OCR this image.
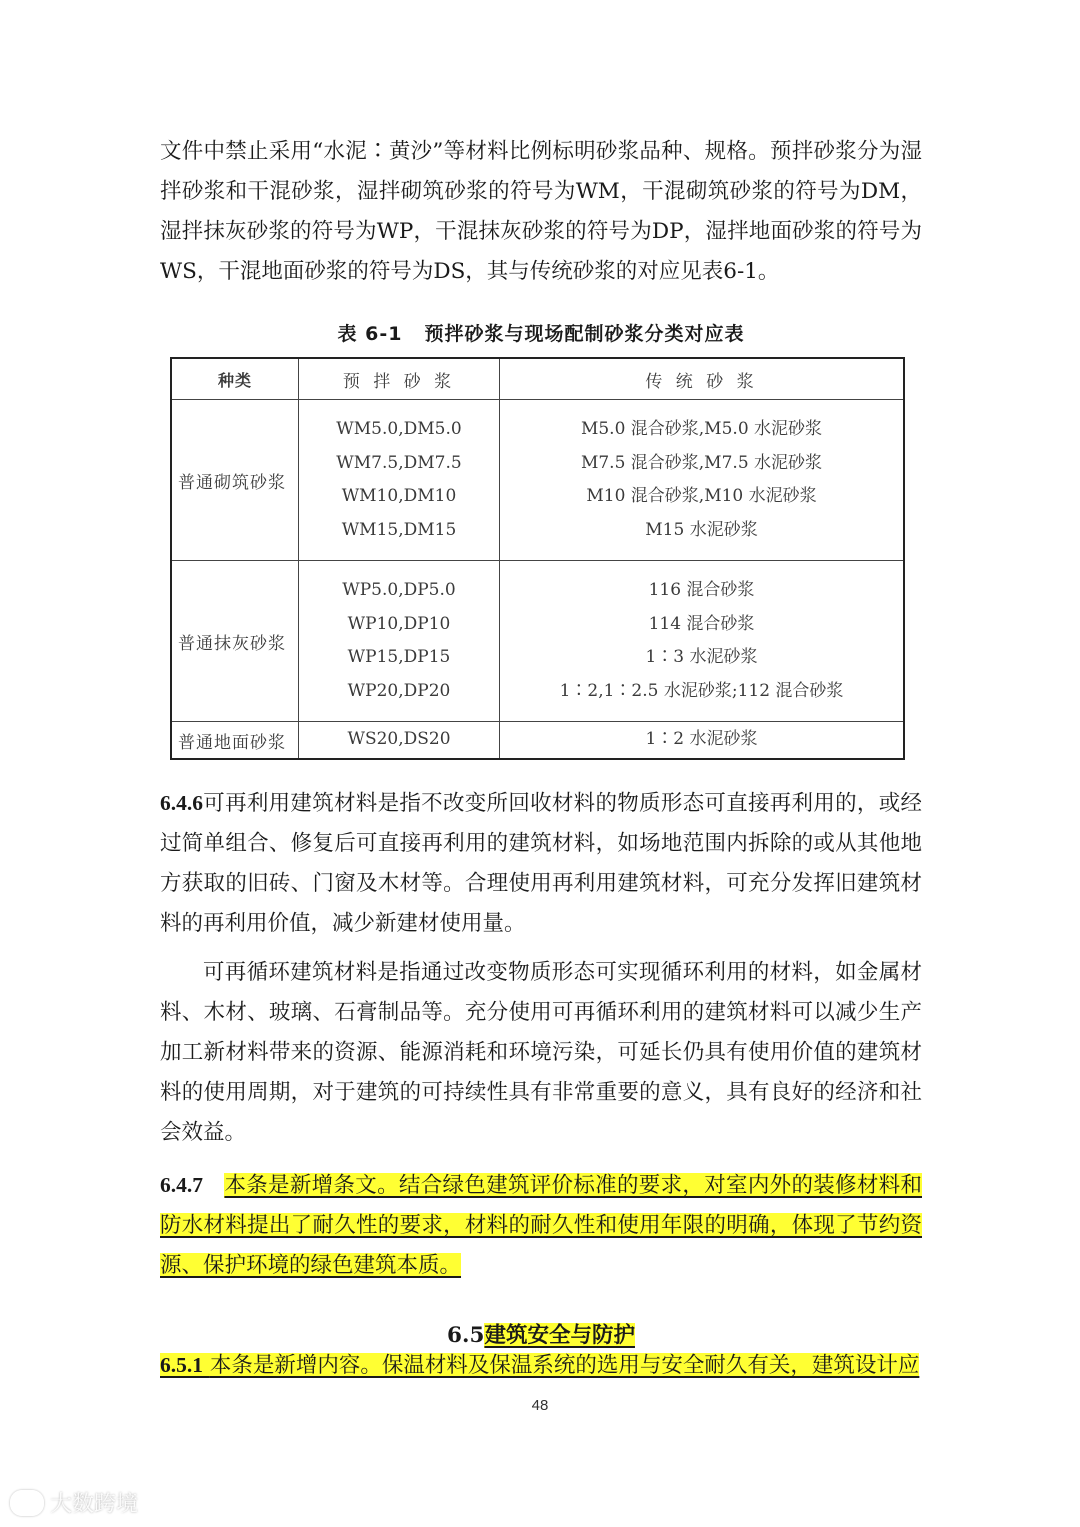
文件中禁止采用“水泥∶黄沙”等材料比例标明砂浆品种、规格。预拌砂浆分为湿拌砂浆和干混砂浆，湿拌砌筑砂浆的符号为WM，干混砌筑砂浆的符号为DM，湿拌抹灰砂浆的符号为WP，干混抹灰砂浆的符号为DP，湿拌地面砂浆的符号为WS，干混地面砂浆的符号为DS，其与传统砂浆的对应见表6-1。

表 6-1 预拌砂浆与现场配制砂浆分类对应表
种类	预 拌 砂 浆	传 统 砂 浆
普通砌筑砂浆	WM5.0,DM5.0
WM7.5,DM7.5
WM10,DM10
WM15,DM15	M5.0 混合砂浆,M5.0 水泥砂浆
M7.5 混合砂浆,M7.5 水泥砂浆
M10 混合砂浆,M10 水泥砂浆
M15 水泥砂浆

普通抹灰砂浆	WP5.0,DP5.0
WP10,DP10
WP15,DP15
WP20,DP20	116 混合砂浆
114 混合砂浆
1∶3 水泥砂浆
1∶2,1∶2.5 水泥砂浆;112 混合砂浆

普通地面砂浆	WS20,DS20	1∶2 水泥砂浆

6.4.6可再利用建筑材料是指不改变所回收材料的物质形态可直接再利用的，或经过简单组合、修复后可直接再利用的建筑材料，如场地范围内拆除的或从其他地方获取的旧砖、门窗及木材等。合理使用再利用建筑材料，可充分发挥旧建筑材料的再利用价值，减少新建材使用量。

可再循环建筑材料是指通过改变物质形态可实现循环利用的材料，如金属材料、木材、玻璃、石膏制品等。充分使用可再循环利用的建筑材料可以减少生产加工新材料带来的资源、能源消耗和环境污染，可延长仍具有使用价值的建筑材料的使用周期，对于建筑的可持续性具有非常重要的意义，具有良好的经济和社会效益。

6.4.7 本条是新增条文。结合绿色建筑评价标准的要求，对室内外的装修材料和防水材料提出了耐久性的要求，材料的耐久性和使用年限的明确，体现了节约资源、保护环境的绿色建筑本质。

6.5建筑安全与防护

6.5.1 本条是新增内容。保温材料及保温系统的选用与安全耐久有关，建筑设计应

48
大数跨境
